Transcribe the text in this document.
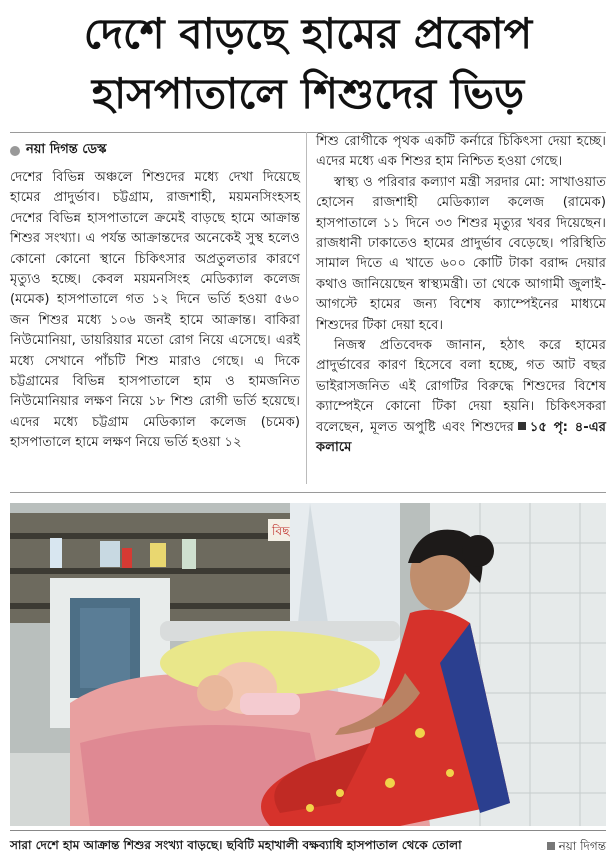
দেশে বাড়ছে হামের প্রকোপ
হাসপাতালে শিশুদের ভিড়
নয়া দিগন্ত ডেস্ক

দেশের বিভিন্ন অঞ্চলে শিশুদের মধ্যে দেখা দিয়েছে হামের প্রাদুর্ভাব। চট্টগ্রাম, রাজশাহী, ময়মনসিংহসহ দেশের বিভিন্ন হাসপাতালে ক্রমেই বাড়ছে হামে আক্রান্ত শিশুর সংখ্যা। এ পর্যন্ত আক্রান্তদের অনেকেই সুস্থ হলেও কোনো কোনো স্থানে চিকিৎসার অপ্রতুলতার কারণে মৃত্যুও হচ্ছে। কেবল ময়মনসিংহ মেডিক্যাল কলেজ (মমেক) হাসপাতালে গত ১২ দিনে ভর্তি হওয়া ৫৬০ জন শিশুর মধ্যে ১০৬ জনই হামে আক্রান্ত। বাকিরা নিউমোনিয়া, ডায়রিয়ার মতো রোগ নিয়ে এসেছে। এরই মধ্যে সেখানে পাঁচটি শিশু মারাও গেছে। এ দিকে চট্টগ্রামের বিভিন্ন হাসপাতালে হাম ও হামজনিত নিউমোনিয়ার লক্ষণ নিয়ে ১৮ শিশু রোগী ভর্তি হয়েছে। এদের মধ্যে চট্টগ্রাম মেডিক্যাল কলেজ (চমেক) হাসপাতালে হামে লক্ষণ নিয়ে ভর্তি হওয়া ১২

শিশু রোগীকে পৃথক একটি কর্নারে চিকিৎসা দেয়া হচ্ছে। এদের মধ্যে এক শিশুর হাম নিশ্চিত হওয়া গেছে।

স্বাস্থ্য ও পরিবার কল্যাণ মন্ত্রী সরদার মো: সাখাওয়াত হোসেন রাজশাহী মেডিক্যাল কলেজ (রামেক) হাসপাতালে ১১ দিনে ৩৩ শিশুর মৃত্যুর খবর দিয়েছেন। রাজধানী ঢাকাতেও হামের প্রাদুর্ভাব বেড়েছে। পরিস্থিতি সামাল দিতে এ খাতে ৬০০ কোটি টাকা বরাদ্দ দেয়ার কথাও জানিয়েছেন স্বাস্থ্যমন্ত্রী। তা থেকে আগামী জুলাই-আগস্টে হামের জন্য বিশেষ ক্যাম্পেইনের মাধ্যমে শিশুদের টিকা দেয়া হবে।

নিজস্ব প্রতিবেদক জানান, হঠাৎ করে হামের প্রাদুর্ভাবের কারণ হিসেবে বলা হচ্ছে, গত আট বছর ভাইরাসজনিত এই রোগটির বিরুদ্ধে শিশুদের বিশেষ ক্যাম্পেইনে কোনো টিকা দেয়া হয়নি। চিকিৎসকরা বলেছেন, মূলত অপুষ্টি এবং শিশুদের ১৫ পৃ: ৪-এর কলামে

বিছ
সারা দেশে হাম আক্রান্ত শিশুর সংখ্যা বাড়ছে। ছবিটি মহাখালী বক্ষব্যাধি হাসপাতাল থেকে তোলা	নয়া দিগন্ত
